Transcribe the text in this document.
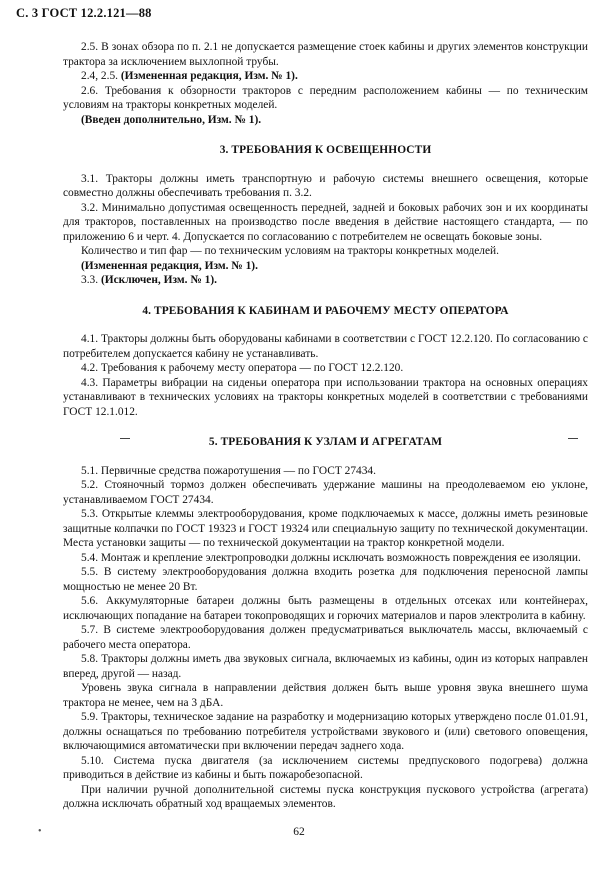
С. 3 ГОСТ 12.2.121—88

2.5. В зонах обзора по п. 2.1 не допускается размещение стоек кабины и других элементов конструкции трактора за исключением выхлопной трубы.

2.4, 2.5. (Измененная редакция, Изм. № 1).

2.6. Требования к обзорности тракторов с передним расположением кабины — по техническим условиям на тракторы конкретных моделей.

(Введен дополнительно, Изм. № 1).

3. ТРЕБОВАНИЯ К ОСВЕЩЕННОСТИ

3.1. Тракторы должны иметь транспортную и рабочую системы внешнего освещения, которые совместно должны обеспечивать требования п. 3.2.

3.2. Минимально допустимая освещенность передней, задней и боковых рабочих зон и их координаты для тракторов, поставленных на производство после введения в действие настоящего стандарта, — по приложению 6 и черт. 4. Допускается по согласованию с потребителем не освещать боковые зоны.

Количество и тип фар — по техническим условиям на тракторы конкретных моделей.

(Измененная редакция, Изм. № 1).

3.3. (Исключен, Изм. № 1).

4. ТРЕБОВАНИЯ К КАБИНАМ И РАБОЧЕМУ МЕСТУ ОПЕРАТОРА

4.1. Тракторы должны быть оборудованы кабинами в соответствии с ГОСТ 12.2.120. По согласованию с потребителем допускается кабину не устанавливать.

4.2. Требования к рабочему месту оператора — по ГОСТ 12.2.120.

4.3. Параметры вибрации на сиденьи оператора при использовании трактора на основных операциях устанавливают в технических условиях на тракторы конкретных моделей в соответствии с требованиями ГОСТ 12.1.012.

5. ТРЕБОВАНИЯ К УЗЛАМ И АГРЕГАТАМ

5.1. Первичные средства пожаротушения — по ГОСТ 27434.

5.2. Стояночный тормоз должен обеспечивать удержание машины на преодолеваемом ею уклоне, устанавливаемом ГОСТ 27434.

5.3. Открытые клеммы электрооборудования, кроме подключаемых к массе, должны иметь резиновые защитные колпачки по ГОСТ 19323 и ГОСТ 19324 или специальную защиту по технической документации. Места установки защиты — по технической документации на трактор конкретной модели.

5.4. Монтаж и крепление электропроводки должны исключать возможность повреждения ее изоляции.

5.5. В систему электрооборудования должна входить розетка для подключения переносной лампы мощностью не менее 20 Вт.

5.6. Аккумуляторные батареи должны быть размещены в отдельных отсеках или контейнерах, исключающих попадание на батареи токопроводящих и горючих материалов и паров электролита в кабину.

5.7. В системе электрооборудования должен предусматриваться выключатель массы, включаемый с рабочего места оператора.

5.8. Тракторы должны иметь два звуковых сигнала, включаемых из кабины, один из которых направлен вперед, другой — назад.

Уровень звука сигнала в направлении действия должен быть выше уровня звука внешнего шума трактора не менее, чем на 3 дБА.

5.9. Тракторы, техническое задание на разработку и модернизацию которых утверждено после 01.01.91, должны оснащаться по требованию потребителя устройствами звукового и (или) светового оповещения, включающимися автоматически при включении передач заднего хода.

5.10. Система пуска двигателя (за исключением системы предпускового подогрева) должна приводиться в действие из кабины и быть пожаробезопасной.

При наличии ручной дополнительной системы пуска конструкция пускового устройства (агрегата) должна исключать обратный ход вращаемых элементов.

•	62
